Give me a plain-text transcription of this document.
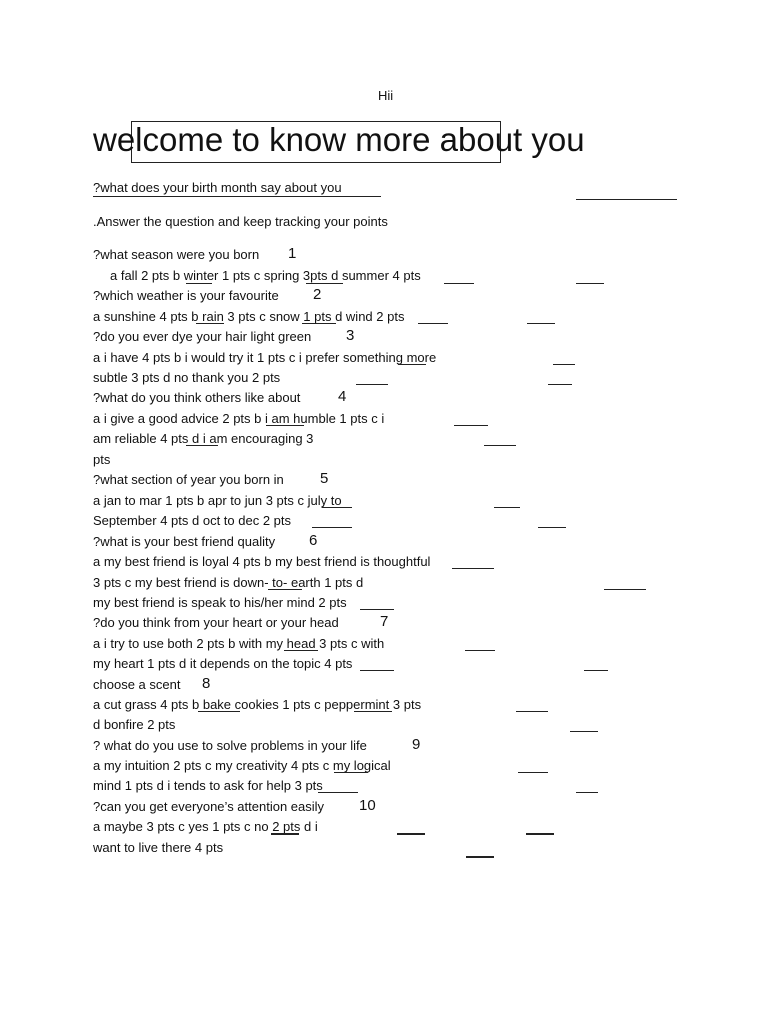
Hii
welcome to know more about you
?what does your birth month say about you
.Answer the question and keep tracking your points
?what season were you born 1
a fall 2 pts b winter 1 pts c spring 3pts d summer 4 pts
?which weather is your favourite 2
a sunshine 4 pts b rain 3 pts c snow 1 pts d wind 2 pts
?do you ever dye your hair light green 3
a i have 4 pts b i would try it 1 pts c i prefer something more
subtle 3 pts d no thank you 2 pts
?what do you think others like about	4
a i give a good advice 2 pts b i am humble 1 pts c i
am reliable 4 pts d i am encouraging 3
pts
?what section of year you born in 5
a jan to mar 1 pts b apr to jun 3 pts c july to
September 4 pts d oct to dec 2 pts
?what is your best friend quality 6
a my best friend is loyal 4 pts b my best friend is thoughtful
3 pts c my best friend is down- to- earth 1 pts d
my best friend is speak to his/her mind 2 pts
?do you think from your heart or your head	7
a i try to use both 2 pts b with my head 3 pts c with
my heart 1 pts d it depends on the topic 4 pts
choose a scent 8
a cut grass 4 pts b bake cookies 1 pts c peppermint 3 pts
d bonfire 2 pts
? what do you use to solve problems in your life	9
a my intuition 2 pts c my creativity 4 pts c my logical
mind 1 pts d i tends to ask for help 3 pts
?can you get everyone’s attention easily 10
a maybe 3 pts c yes 1 pts c no 2 pts d i
want to live there 4 pts
